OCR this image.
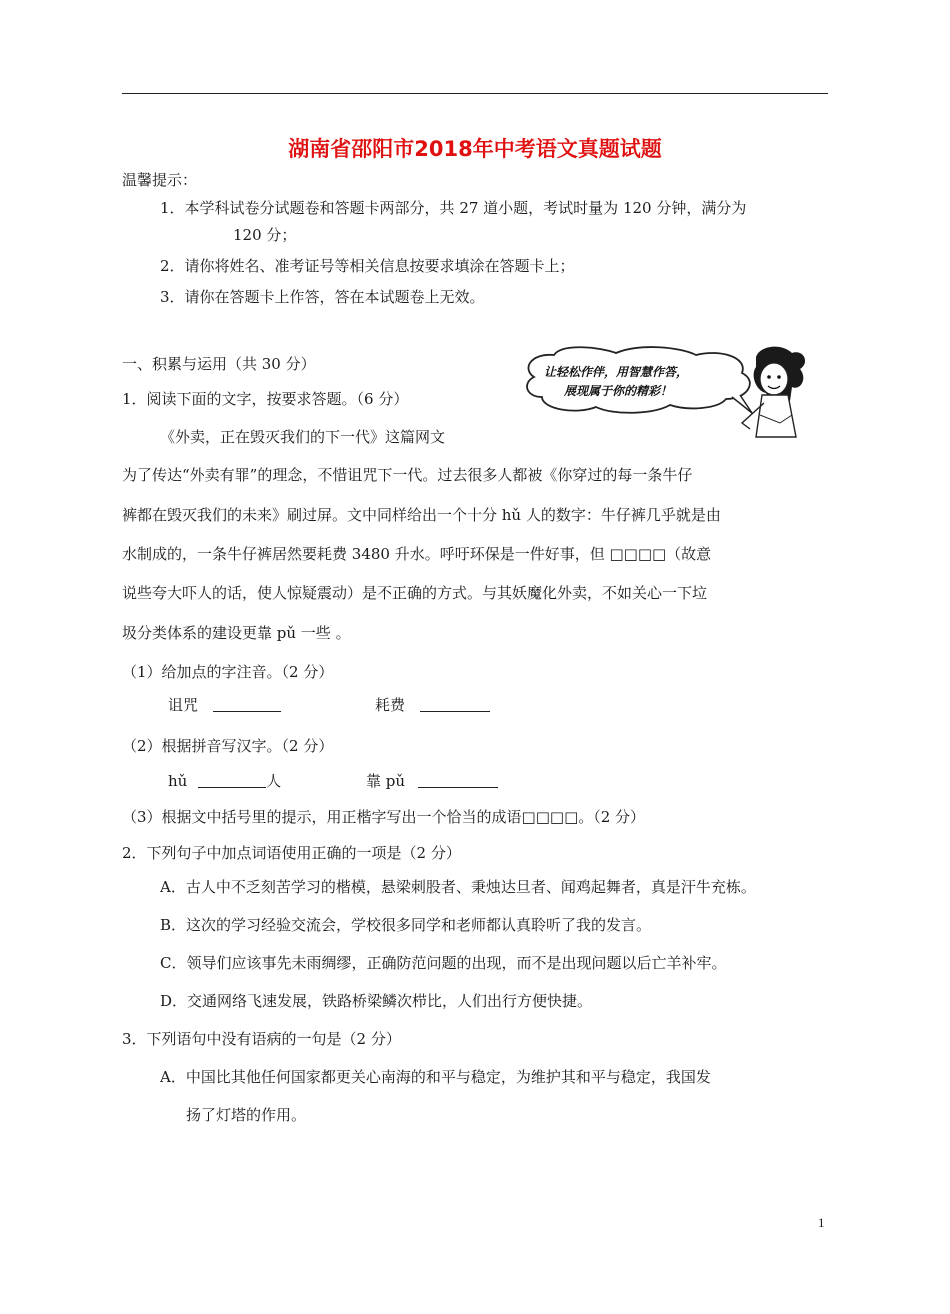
湖南省邵阳市2018年中考语文真题试题
温馨提示：
1．本学科试卷分试题卷和答题卡两部分，共 27 道小题，考试时量为 120 分钟，满分为
120 分；
2．请你将姓名、准考证号等相关信息按要求填涂在答题卡上；
3．请你在答题卡上作答，答在本试题卷上无效。
一、积累与运用（共 30 分）	让轻松作伴，用智慧作答，
展现属于你的精彩！
1．阅读下面的文字，按要求答题。（6 分）
《外卖，正在毁灭我们的下一代》这篇网文
为了传达“外卖有罪”的理念，不惜诅咒下一代。过去很多人都被《你穿过的每一条牛仔
裤都在毁灭我们的未来》刷过屏。文中同样给出一个十分 hǔ 人的数字：牛仔裤几乎就是由
水制成的，一条牛仔裤居然要耗费 3480 升水。呼吁环保是一件好事，但 □□□□（故意
说些夸大吓人的话，使人惊疑震动）是不正确的方式。与其妖魔化外卖，不如关心一下垃
圾分类体系的建设更靠 pǔ 一些 。
（1）给加点的字注音。（2 分）
诅咒	耗费
（2）根据拼音写汉字。（2 分）
hǔ	人	靠 pǔ
（3）根据文中括号里的提示，用正楷字写出一个恰当的成语□□□□。（2 分）
2．下列句子中加点词语使用正确的一项是（2 分）
A．古人中不乏刻苦学习的楷模，悬梁刺股者、秉烛达旦者、闻鸡起舞者，真是汗牛充栋。
B．这次的学习经验交流会，学校很多同学和老师都认真聆听了我的发言。
C．领导们应该事先未雨绸缪，正确防范问题的出现，而不是出现问题以后亡羊补牢。
D．交通网络飞速发展，铁路桥梁鳞次栉比，人们出行方便快捷。
3．下列语句中没有语病的一句是（2 分）
A．中国比其他任何国家都更关心南海的和平与稳定，为维护其和平与稳定，我国发
扬了灯塔的作用。
1
